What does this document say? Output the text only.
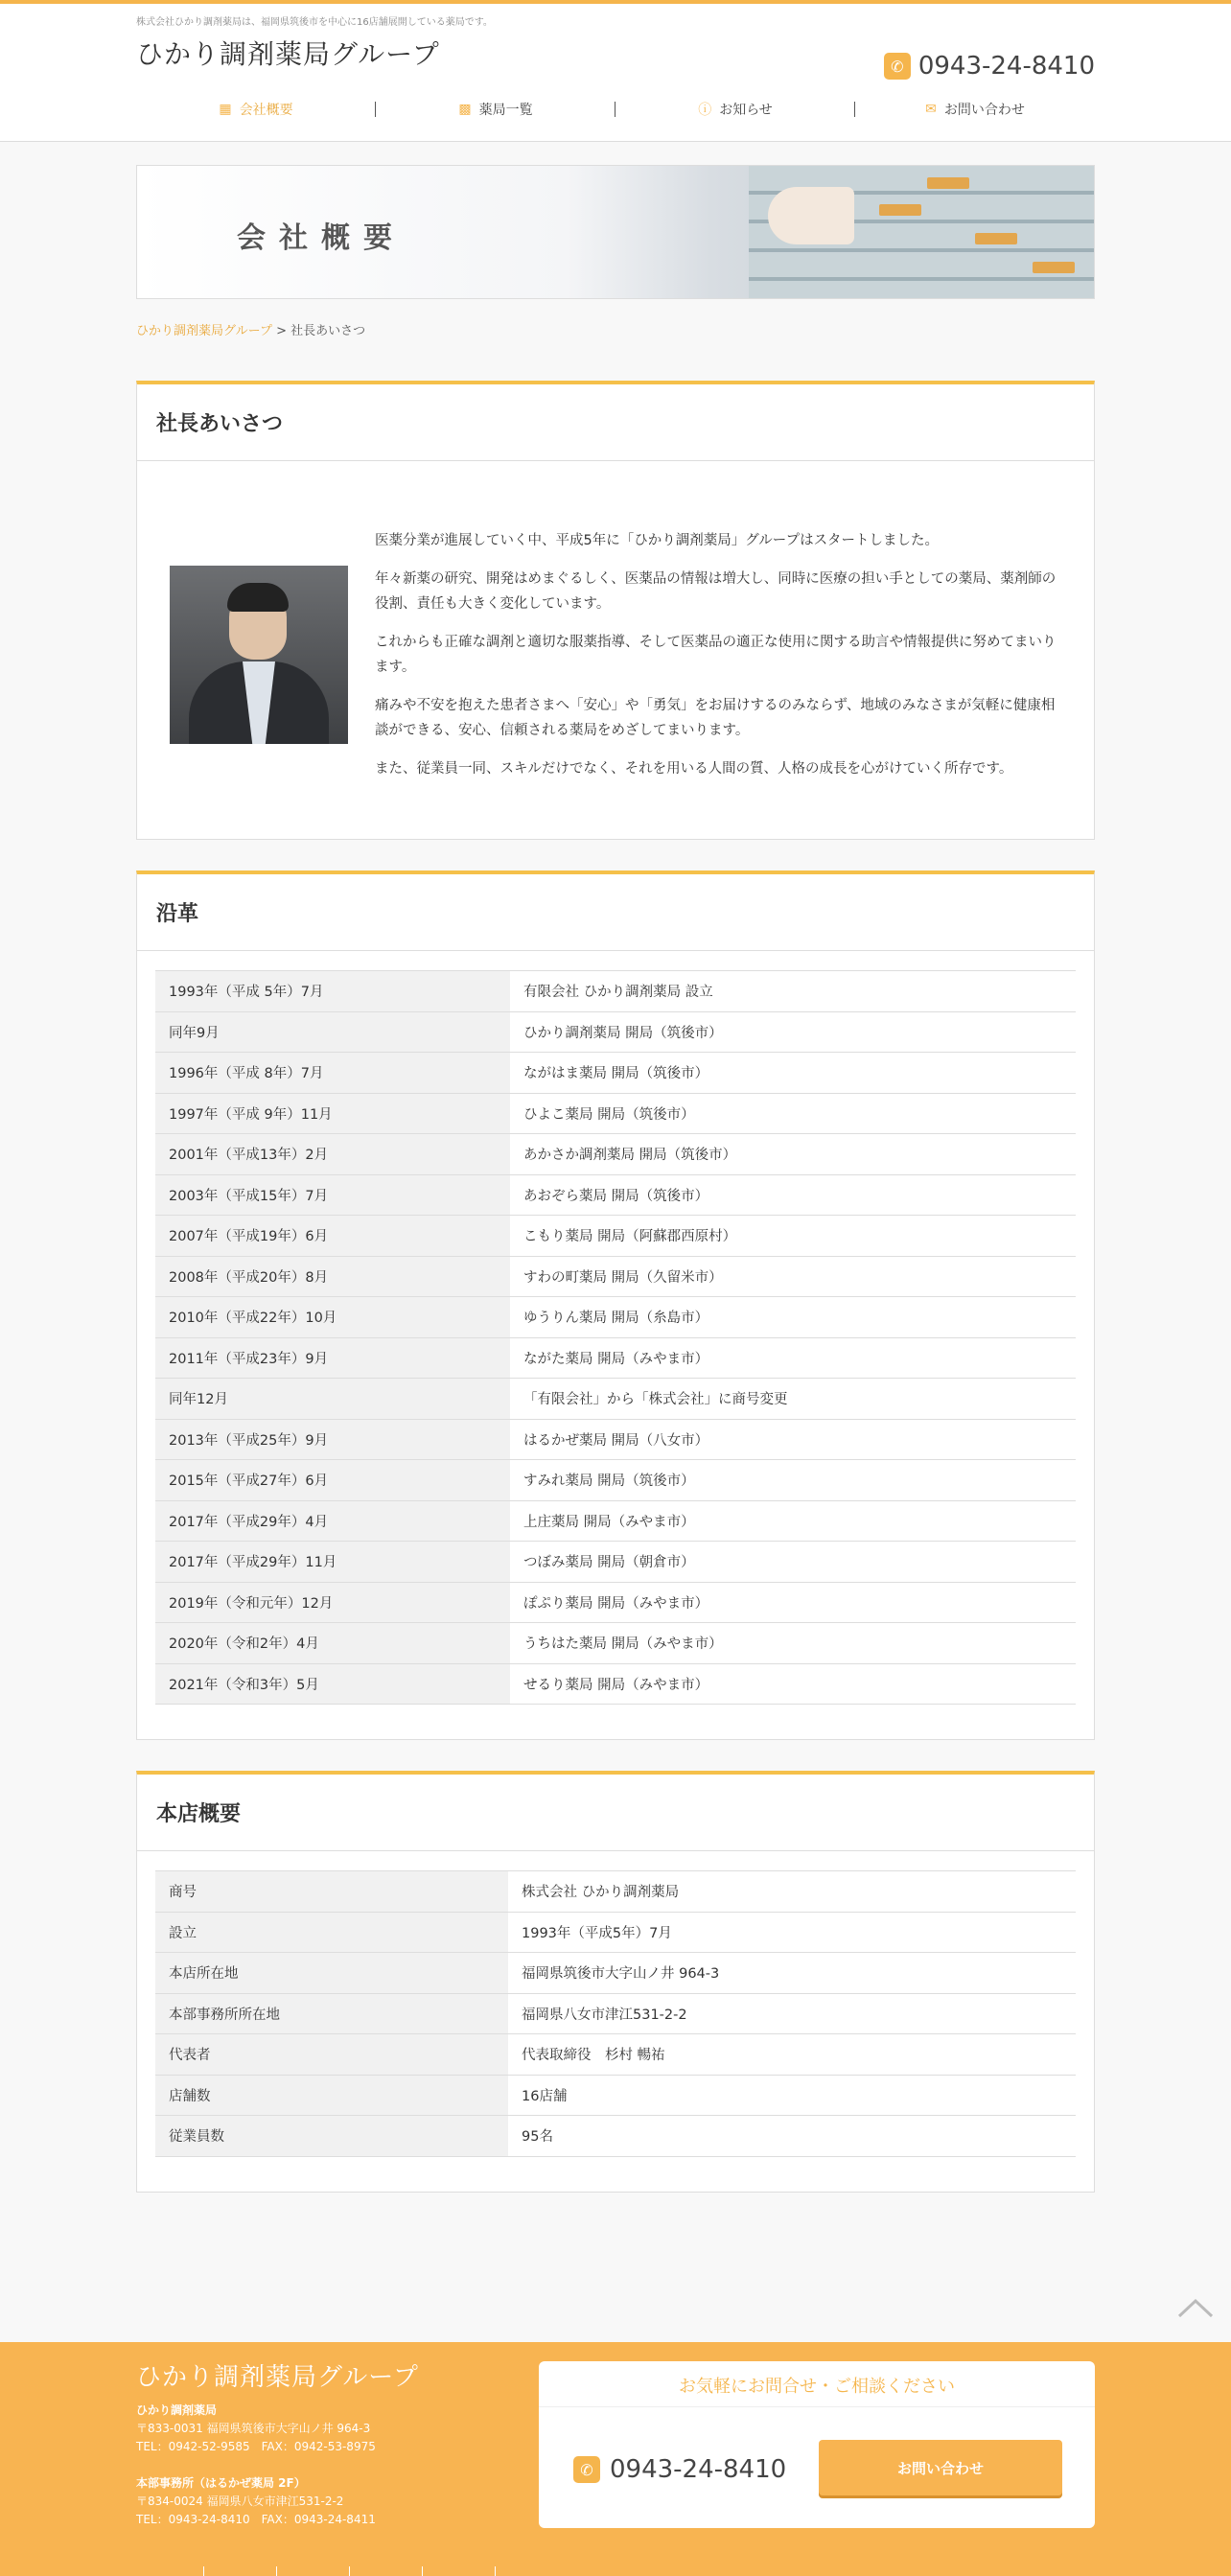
株式会社ひかり調剤薬局は、福岡県筑後市を中心に16店舗展開している薬局です。
ひかり調剤薬局グループ	✆ 0943-24-8410
▦ 会社概要	▩ 薬局一覧	ⓘ お知らせ	✉ お問い合わせ
会社概要
ひかり調剤薬局グループ > 社長あいさつ
社長あいさつ

医薬分業が進展していく中、平成5年に「ひかり調剤薬局」グループはスタートしました。

年々新薬の研究、開発はめまぐるしく、医薬品の情報は増大し、同時に医療の担い手としての薬局、薬剤師の役割、責任も大きく変化しています。

これからも正確な調剤と適切な服薬指導、そして医薬品の適正な使用に関する助言や情報提供に努めてまいります。

痛みや不安を抱えた患者さまへ「安心」や「勇気」をお届けするのみならず、地域のみなさまが気軽に健康相談ができる、安心、信頼される薬局をめざしてまいります。

また、従業員一同、スキルだけでなく、それを用いる人間の質、人格の成長を心がけていく所存です。

沿革
1993年（平成 5年）7月	有限会社 ひかり調剤薬局 設立
同年9月	ひかり調剤薬局 開局（筑後市）
1996年（平成 8年）7月	ながはま薬局 開局（筑後市）
1997年（平成 9年）11月	ひよこ薬局 開局（筑後市）
2001年（平成13年）2月	あかさか調剤薬局 開局（筑後市）
2003年（平成15年）7月	あおぞら薬局 開局（筑後市）
2007年（平成19年）6月	こもり薬局 開局（阿蘇郡西原村）
2008年（平成20年）8月	すわの町薬局 開局（久留米市）
2010年（平成22年）10月	ゆうりん薬局 開局（糸島市）
2011年（平成23年）9月	ながた薬局 開局（みやま市）
同年12月	「有限会社」から「株式会社」に商号変更
2013年（平成25年）9月	はるかぜ薬局 開局（八女市）
2015年（平成27年）6月	すみれ薬局 開局（筑後市）
2017年（平成29年）4月	上庄薬局 開局（みやま市）
2017年（平成29年）11月	つぼみ薬局 開局（朝倉市）
2019年（令和元年）12月	ぽぷり薬局 開局（みやま市）
2020年（令和2年）4月	うちはた薬局 開局（みやま市）
2021年（令和3年）5月	せるり薬局 開局（みやま市）
本店概要
商号	株式会社 ひかり調剤薬局
設立	1993年（平成5年）7月
本店所在地	福岡県筑後市大字山ノ井 964-3
本部事務所所在地	福岡県八女市津江531-2-2
代表者	代表取締役　杉村 暢祐
店舗数	16店舗
従業員数	95名
ひかり調剤薬局グループ
ひかり調剤薬局
〒833-0031 福岡県筑後市大字山ノ井 964-3
TEL：0942-52-9585　FAX：0942-53-8975
本部事務所（はるかぜ薬局 2F）
〒834-0024 福岡県八女市津江531-2-2
TEL：0943-24-8410　FAX：0943-24-8411
お気軽にお問合せ・ご相談ください
✆ 0943-24-8410	お問い合わせ
